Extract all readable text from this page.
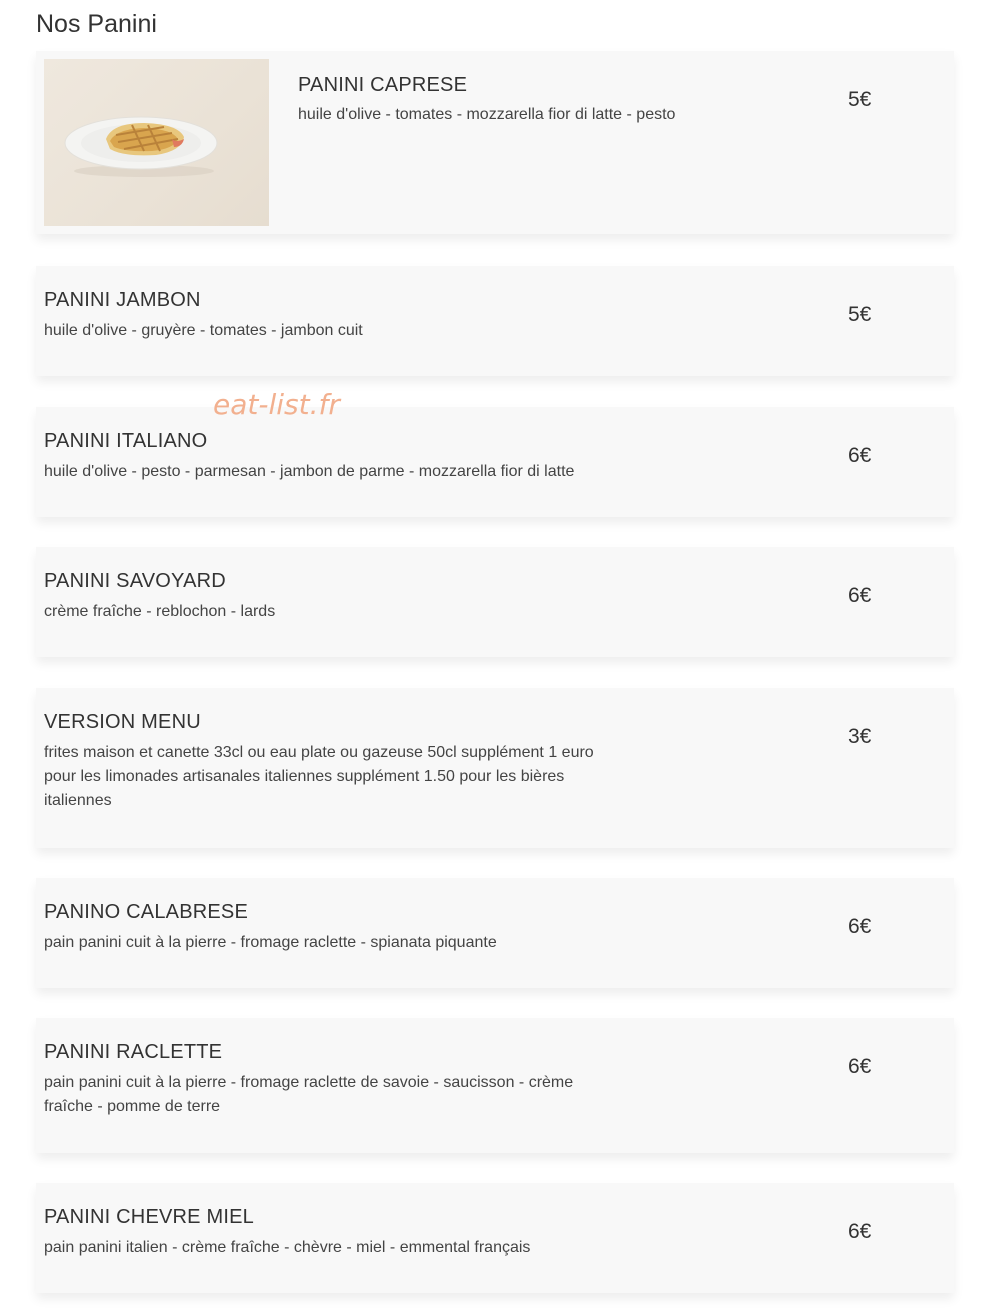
Nos Panini
PANINI CAPRESE
huile d'olive - tomates - mozzarella fior di latte - pesto
5€
PANINI JAMBON
huile d'olive - gruyère - tomates - jambon cuit
5€
PANINI ITALIANO
huile d'olive - pesto - parmesan - jambon de parme - mozzarella fior di latte
6€
PANINI SAVOYARD
crème fraîche - reblochon - lards
6€
VERSION MENU
frites maison et canette 33cl ou eau plate ou gazeuse 50cl supplément 1 euro
pour les limonades artisanales italiennes supplément 1.50 pour les bières
italiennes
3€
PANINO CALABRESE
pain panini cuit à la pierre - fromage raclette - spianata piquante
6€
PANINI RACLETTE
pain panini cuit à la pierre - fromage raclette de savoie - saucisson - crème
fraîche - pomme de terre
6€
PANINI CHEVRE MIEL
pain panini italien - crème fraîche - chèvre - miel - emmental français
6€
eat-list.fr
